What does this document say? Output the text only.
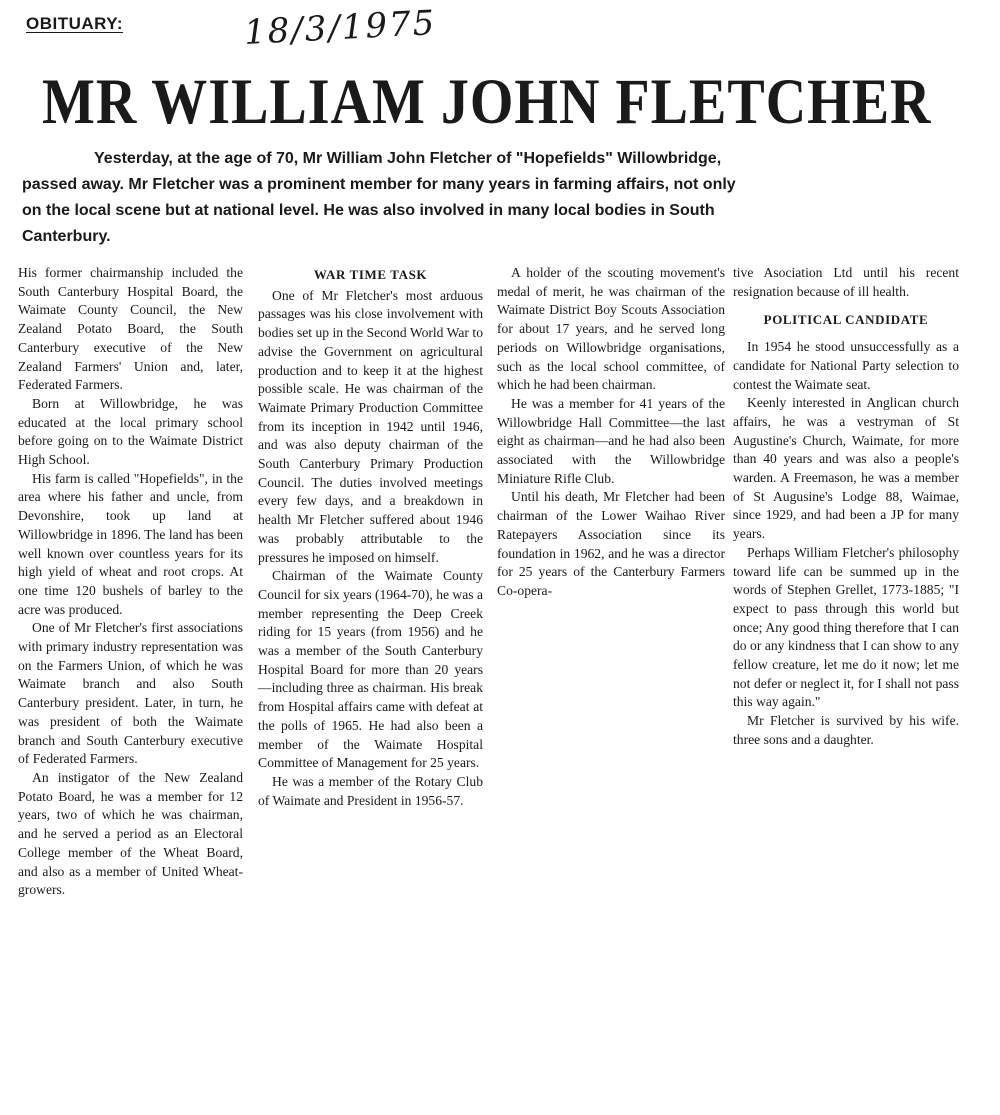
OBITUARY:	18/3/1975
MR WILLIAM JOHN FLETCHER
Yesterday, at the age of 70, Mr William John Fletcher of "Hopefields" Willowbridge, passed away. Mr Fletcher was a prominent member for many years in farming affairs, not only on the local scene but at national level. He was also involved in many local bodies in South Canterbury.

His former chairmanship included the South Canterbury Hospital Board, the Waimate County Council, the New Zealand Potato Board, the South Canterbury executive of the New Zealand Farmers' Union and, later, Federated Farmers.

Born at Willowbridge, he was educated at the local primary school before going on to the Waimate District High School.

His farm is called "Hopefields", in the area where his father and uncle, from Devonshire, took up land at Willowbridge in 1896. The land has been well known over countless years for its high yield of wheat and root crops. At one time 120 bushels of barley to the acre was produced.

One of Mr Fletcher's first associations with primary industry representation was on the Farmers Union, of which he was Waimate branch and also South Canterbury president. Later, in turn, he was president of both the Waimate branch and South Canterbury executive of Federated Farmers.

An instigator of the New Zealand Potato Board, he was a member for 12 years, two of which he was chairman, and he served a period as an Electoral College member of the Wheat Board, and also as a member of United Wheat-growers.

WAR TIME TASK

One of Mr Fletcher's most arduous passages was his close involvement with bodies set up in the Second World War to advise the Government on agricultural production and to keep it at the highest possible scale. He was chairman of the Waimate Primary Production Committee from its inception in 1942 until 1946, and was also deputy chairman of the South Canterbury Primary Production Council. The duties involved meetings every few days, and a breakdown in health Mr Fletcher suffered about 1946 was probably attributable to the pressures he imposed on himself.

Chairman of the Waimate County Council for six years (1964-70), he was a member representing the Deep Creek riding for 15 years (from 1956) and he was a member of the South Canterbury Hospital Board for more than 20 years —including three as chairman. His break from Hospital affairs came with defeat at the polls of 1965. He had also been a member of the Waimate Hospital Committee of Management for 25 years.

He was a member of the Rotary Club of Waimate and President in 1956-57.

A holder of the scouting movement's medal of merit, he was chairman of the Waimate District Boy Scouts Association for about 17 years, and he served long periods on Willowbridge organisations, such as the local school committee, of which he had been chairman.

He was a member for 41 years of the Willowbridge Hall Committee—the last eight as chairman—and he had also been associated with the Willowbridge Miniature Rifle Club.

Until his death, Mr Fletcher had been chairman of the Lower Waihao River Ratepayers Association since its foundation in 1962, and he was a director for 25 years of the Canterbury Farmers Co-opera-

tive Asociation Ltd until his recent resignation because of ill health.

POLITICAL CANDIDATE

In 1954 he stood unsuccessfully as a candidate for National Party selection to contest the Waimate seat.

Keenly interested in Anglican church affairs, he was a vestryman of St Augustine's Church, Waimate, for more than 40 years and was also a people's warden. A Freemason, he was a member of St Augusine's Lodge 88, Waimae, since 1929, and had been a JP for many years.

Perhaps William Fletcher's philosophy toward life can be summed up in the words of Stephen Grellet, 1773-1885; "I expect to pass through this world but once; Any good thing therefore that I can do or any kindness that I can show to any fellow creature, let me do it now; let me not defer or neglect it, for I shall not pass this way again."

Mr Fletcher is survived by his wife. three sons and a daughter.
